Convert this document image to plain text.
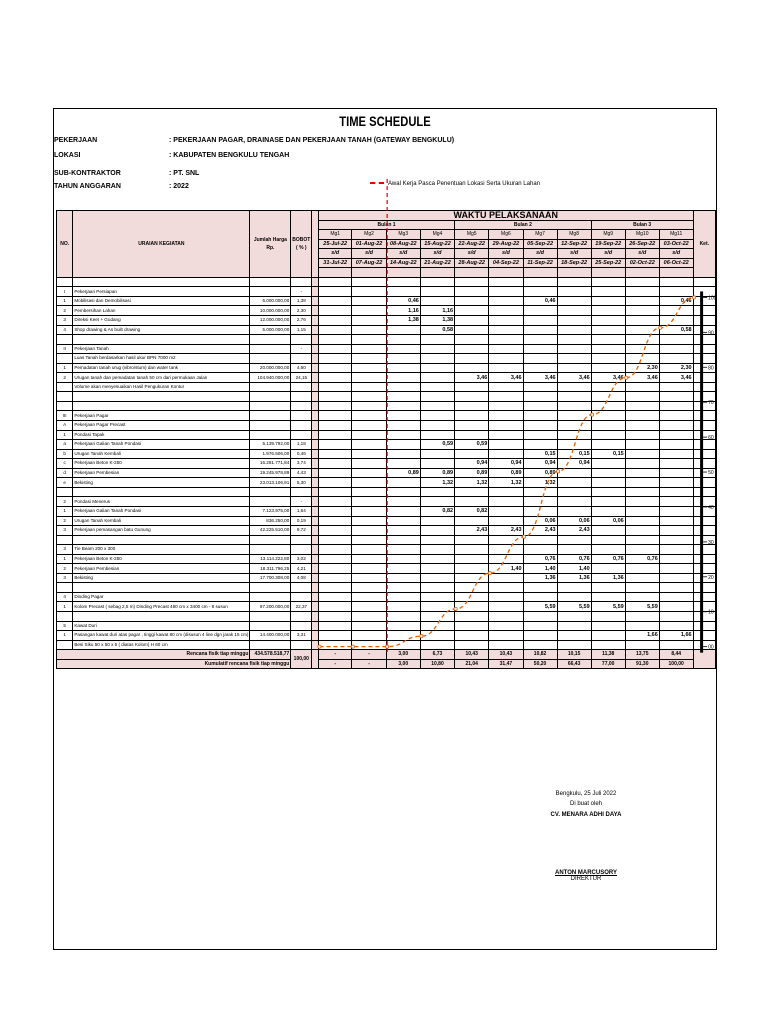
TIME SCHEDULE
PEKERJAAN	: PEKERJAAN PAGAR, DRAINASE DAN PEKERJAAN TANAH (GATEWAY BENGKULU)
LOKASI	: KABUPATEN BENGKULU TENGAH
SUB-KONTRAKTOR	: PT. SNL
TAHUN ANGGARAN	: 2022	Awal Kerja Pasca Penentuan Lokasi Serta Ukuran Lahan
NO.	URAIAN KEGIATAN	Jumlah Harga Rp.	BOBOT ( % )		WAKTU PELAKSANAAN											Ket.
					Bulan 1				Bulan 2				Bulan 3			
					Mg1	Mg2	Mg3	Mg4	Mg5	Mg6	Mg7	Mg8	Mg9	Mg10	Mg11	
					25-Jul-22	01-Aug-22	08-Aug-22	15-Aug-22	22-Aug-22	29-Aug-22	05-Sep-22	12-Sep-22	19-Sep-22	26-Sep-22	03-Oct-22	
					s/d	s/d	s/d	s/d	s/d	s/d	s/d	s/d	s/d	s/d	s/d	
					31-Jul-22	07-Aug-22	14-Aug-22	21-Aug-22	28-Aug-22	04-Sep-22	11-Sep-22	18-Sep-22	25-Sep-22	02-Oct-22	06-Oct-22	

I	Pekerjaan Persiapan		-													
1	Mobilisasi dan Demobilisasi	6.000.000,00	1,38				0,46				0,46				0,46	
2	Pembersihan Lahan	10.000.000,00	2,30				1,16	1,16								
3	Direksi Keet + Gudang	12.000.000,00	2,76				1,38	1,38								
4	Shop drawing & As built drawing	5.000.000,00	1,15					0,58							0,58	

II	Pekerjaan Tanah		-													
	Luas Tanah berdasarkan hasil ukur BPN 7000 m2															
1	Pemadatan tanah urug (vibro/stum) dan water tank	20.000.000,00	4,60											2,30	2,30	
2	Urugan tanah dan pemadatan tanah 50 cm dari permukaan Jalan	104.940.000,00	24,15						3,46	3,46	3,46	3,46	3,46	3,46	3,46	
	Volume akan menyesuaikan Hasil Pengukuran Kontur															

III	Pekerjaan Pagar															
A	Pekerjaan Pagar Precast															
1	Pondasi Tapak															
a	Pekerjaan Galian Tanah Pondasi	5.139.792,00	1,18					0,59	0,59							
b	Urugan Tanah Kembali	1.976.506,00	0,46								0,15	0,15	0,15			
c	Pekerjaan Beton K-250	16.281.771,84	3,74						0,94	0,94	0,94	0,94				
d	Pekerjaan Pembesian	19.245.978,89	4,43				0,89	0,89	0,89	0,89	0,89					
e	Bekisting	23.013.106,91	5,30					1,32	1,32	1,32	1,32					

2	Pondasi Menerus		-													
1	Pekerjaan Galian Tanah Pondasi	7.123.975,00	1,64					0,82	0,82							
2	Urugan Tanah Kembali	836.250,00	0,19								0,06	0,06	0,06			
3	Pekerjaan pemasangan batu Gunung	42.225.510,00	9,72						2,43	2,43	2,43	2,43				

3	Tie Beam 200 x 300															
1	Pekerjaan Beton K-250	13.114.222,80	3,02								0,76	0,76	0,76	0,76		
2	Pekerjaan Pembesian	18.311.796,25	4,21							1,40	1,40	1,40				
3	Bekisting	17.700.308,00	4,08								1,36	1,36	1,36			

4	Dinding Pagar															
1	Kolom Precast ( sebag 2,5 m) Dinding Precast 480 cm x 3400 cm - 8 susun	97.200.000,00	22,37								5,59	5,59	5,59	5,59		

5	Kawat Duri															
1	Pasangan kawat duri atas pagar , tinggi kawat 80 cm (disusun 4 line dgn jarak 15 cm)	14.400.000,00	3,31											1,66	1,66	
	Besi Siku 50 x 50 x 5 ( diatas Kolom) H 60 cm															
Rencana fisik tiap minggu		434.578.518,77	100,00		-	-	3,00	6,73	10,43	10,43	10,82	10,15	11,38	13,75	8,44	
Kumulatif rencana fisik tiap minggu					-	-	3,00	10,80	21,04	31,47	50,20	66,43	77,00	91,30	100,00	
100
90
80
70
60
50
40
30
20
10
00
Bengkulu, 25 Juli 2022
Di buat oleh
CV. MENARA ADHI DAYA
ANTON MARCUSORY
DIREKTUR
